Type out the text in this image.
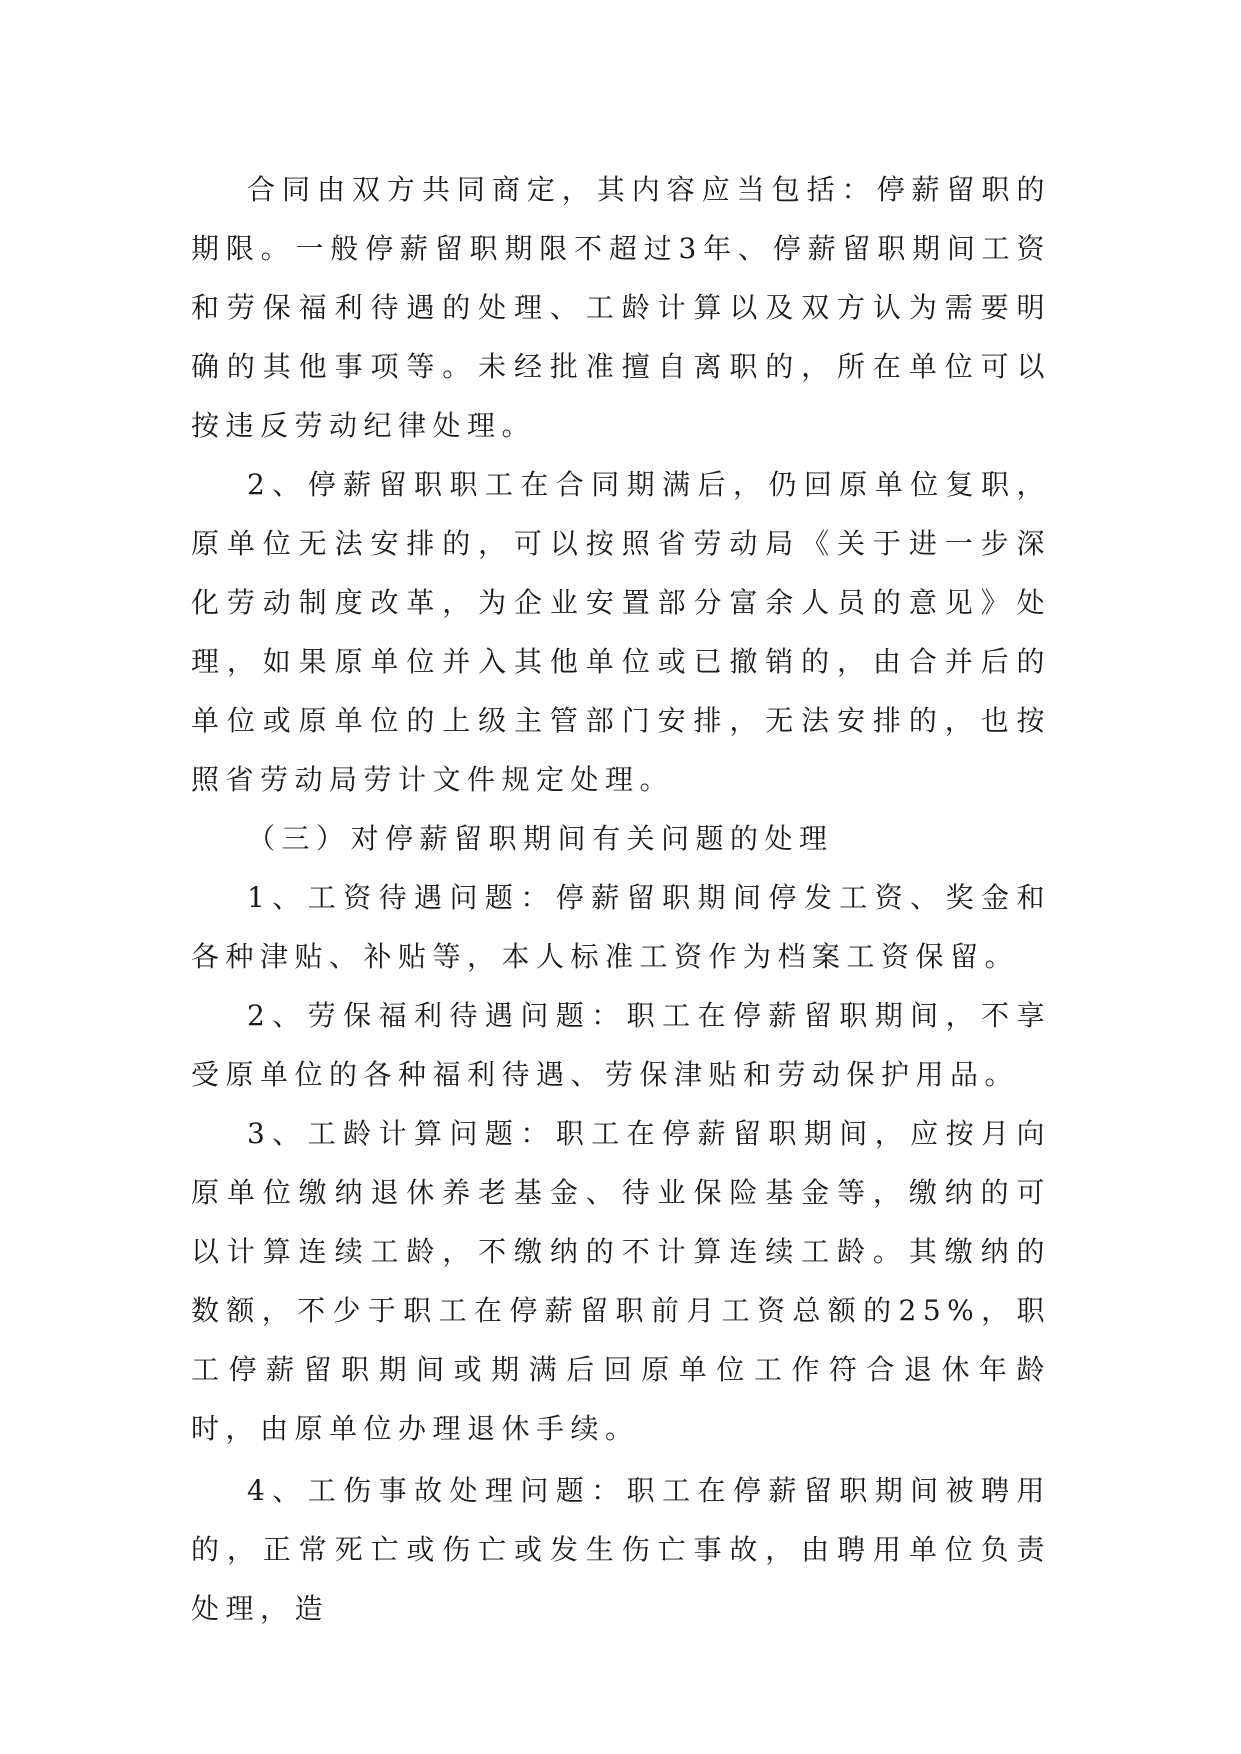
合同由双方共同商定，其内容应当包括：停薪留职的期限。一般停薪留职期限不超过3年、停薪留职期间工资和劳保福利待遇的处理、工龄计算以及双方认为需要明确的其他事项等。未经批准擅自离职的，所在单位可以按违反劳动纪律处理。

2、停薪留职职工在合同期满后，仍回原单位复职，原单位无法安排的，可以按照省劳动局《关于进一步深化劳动制度改革，为企业安置部分富余人员的意见》处理，如果原单位并入其他单位或已撤销的，由合并后的单位或原单位的上级主管部门安排，无法安排的，也按照省劳动局劳计文件规定处理。

（三）对停薪留职期间有关问题的处理

1、工资待遇问题：停薪留职期间停发工资、奖金和各种津贴、补贴等，本人标准工资作为档案工资保留。

2、劳保福利待遇问题：职工在停薪留职期间，不享受原单位的各种福利待遇、劳保津贴和劳动保护用品。

3、工龄计算问题：职工在停薪留职期间，应按月向原单位缴纳退休养老基金、待业保险基金等，缴纳的可以计算连续工龄，不缴纳的不计算连续工龄。其缴纳的数额，不少于职工在停薪留职前月工资总额的25%，职工停薪留职期间或期满后回原单位工作符合退休年龄时，由原单位办理退休手续。

4、工伤事故处理问题：职工在停薪留职期间被聘用的，正常死亡或伤亡或发生伤亡事故，由聘用单位负责处理，造
